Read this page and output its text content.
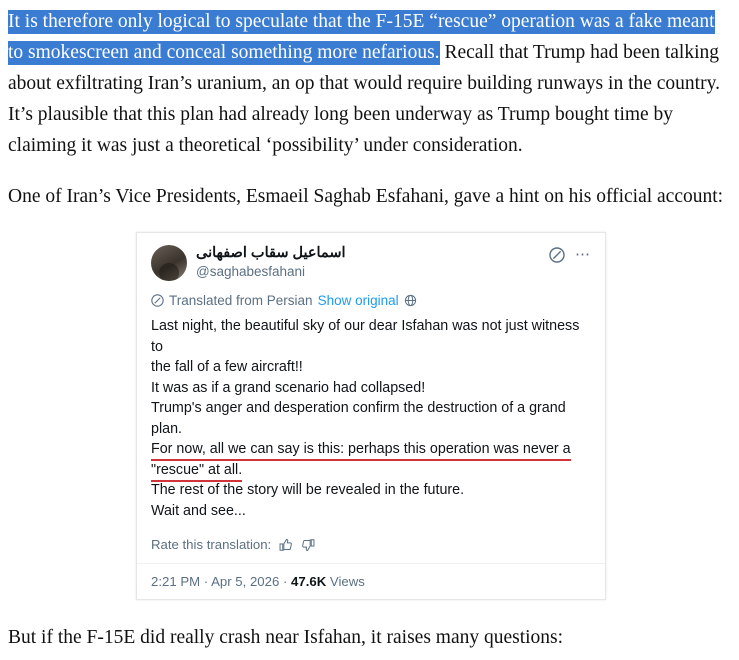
It is therefore only logical to speculate that the F-15E “rescue” operation was a fake meant to smokescreen and conceal something more nefarious. Recall that Trump had been talking about exfiltrating Iran’s uranium, an op that would require building runways in the country. It’s plausible that this plan had already long been underway as Trump bought time by claiming it was just a theoretical ‘possibility’ under consideration.

One of Iran’s Vice Presidents, Esmaeil Saghab Esfahani, gave a hint on his official account:

اسماعیل سقاب اصفهانی
@saghabesfahani
⋯
Translated from Persian Show original
Last night, the beautiful sky of our dear Isfahan was not just witness to
the fall of a few aircraft!!
It was as if a grand scenario had collapsed!
Trump's anger and desperation confirm the destruction of a grand plan.
For now, all we can say is this: perhaps this operation was never a
"rescue" at all.
The rest of the story will be revealed in the future.
Wait and see...
Rate this translation:
2:21 PM · Apr 5, 2026 · 47.6K Views

But if the F-15E did really crash near Isfahan, it raises many questions:
